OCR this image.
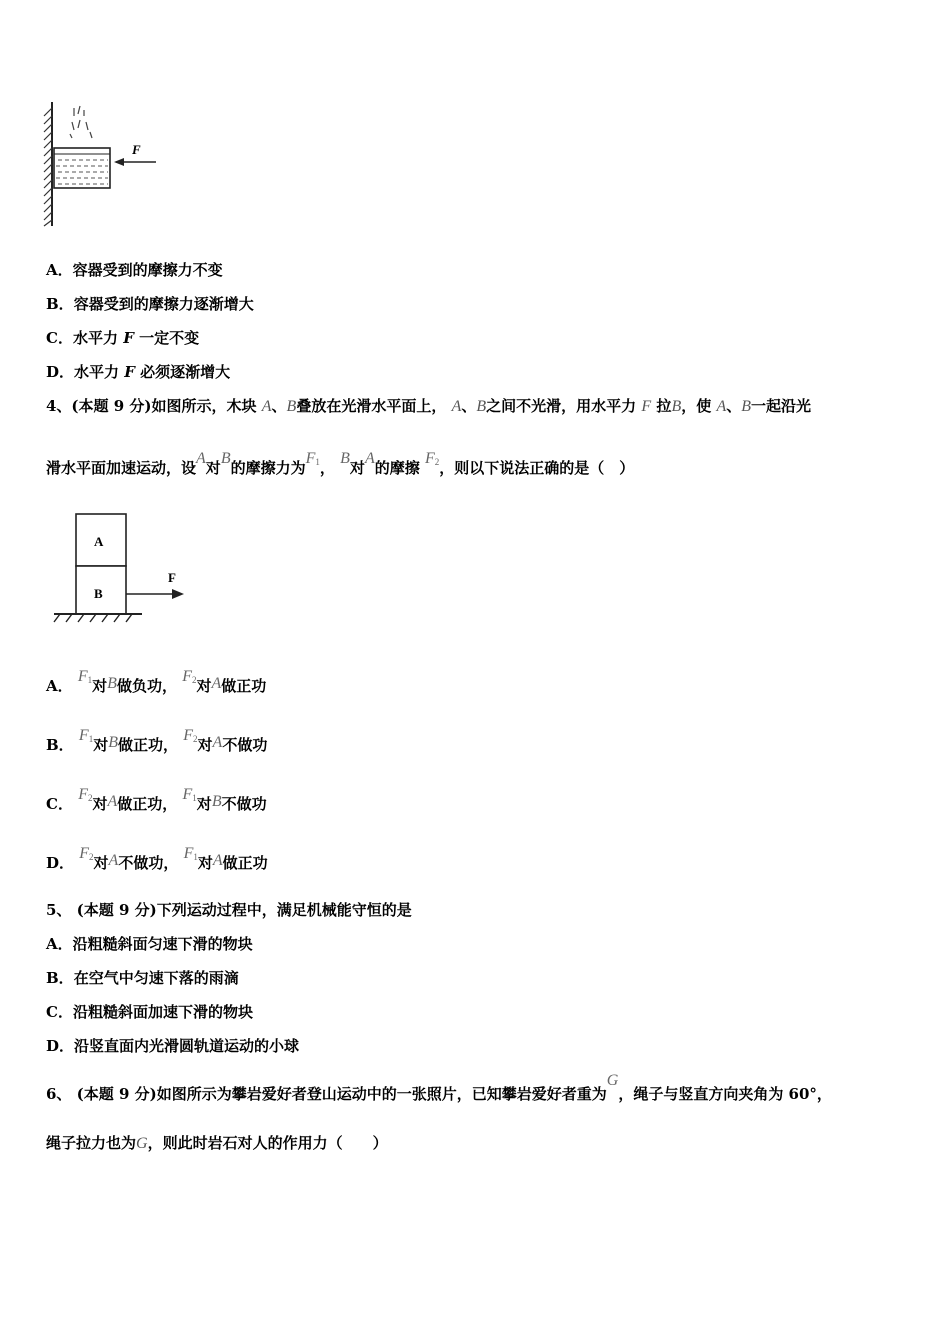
F
A．容器受到的摩擦力不变
B．容器受到的摩擦力逐渐增大
C．水平力 F 一定不变
D．水平力 F 必须逐渐增大
4、(本题 9 分)如图所示，木块 A、B叠放在光滑水平面上， A、B之间不光滑，用水平力 F 拉B，使 A、B一起沿光
滑水平面加速运动，设A对B的摩擦力为$F_1$， B对A的摩擦 $F_2$，则以下说法正确的是（　）
A
B
F
A． $F_1$对B做负功， $F_2$对A做正功
B． $F_1$对B做正功， $F_2$对A不做功
C． $F_2$对A做正功， $F_1$对B不做功
D． $F_2$对A不做功， $F_1$对A做正功
5、 (本题 9 分)下列运动过程中，满足机械能守恒的是
A．沿粗糙斜面匀速下滑的物块
B．在空气中匀速下落的雨滴
C．沿粗糙斜面加速下滑的物块
D．沿竖直面内光滑圆轨道运动的小球
6、 (本题 9 分)如图所示为攀岩爱好者登山运动中的一张照片，已知攀岩爱好者重为G，绳子与竖直方向夹角为 60°，
绳子拉力也为G，则此时岩石对人的作用力（　　）
